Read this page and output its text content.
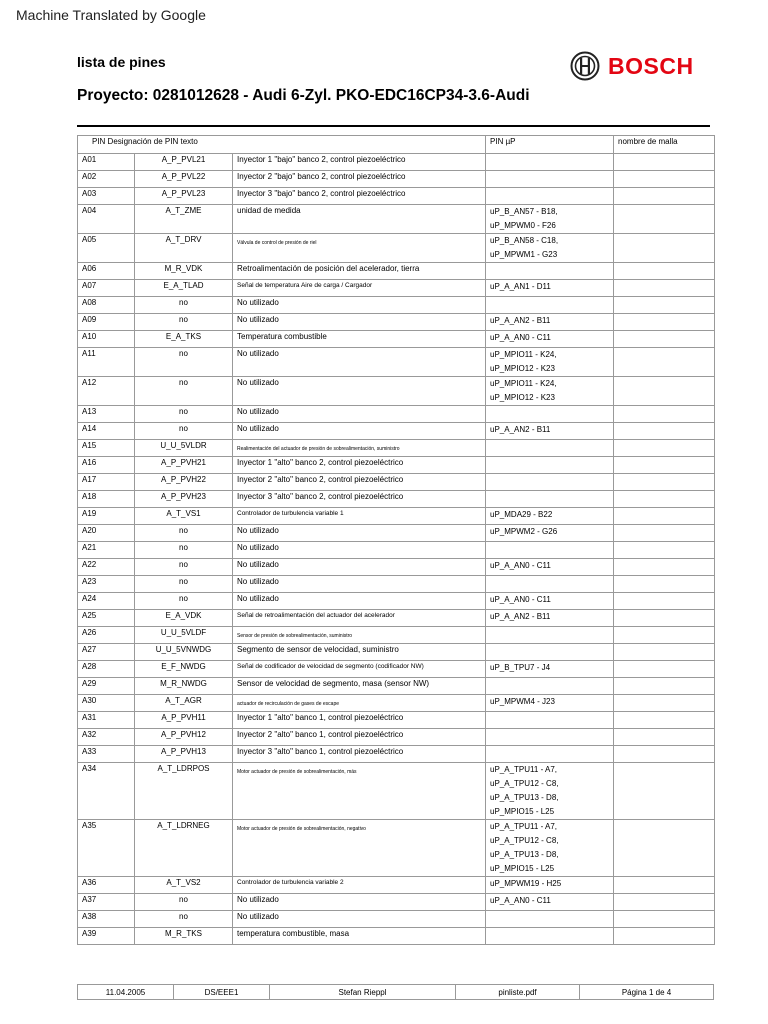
Machine Translated by Google
lista de pines
Proyecto: 0281012628 - Audi 6-Zyl. PKO-EDC16CP34-3.6-Audi
BOSCH
PIN Designación de PIN texto			PIN µP	nombre de malla
A01	A_P_PVL21	Inyector 1 "bajo" banco 2, control piezoeléctrico		
A02	A_P_PVL22	Inyector 2 "bajo" banco 2, control piezoeléctrico		
A03	A_P_PVL23	Inyector 3 "bajo" banco 2, control piezoeléctrico		
A04	A_T_ZME	unidad de medida	uP_B_AN57 - B18,
uP_MPWM0 - F26	

A05	A_T_DRV	Válvula de control de presión de riel	uP_B_AN58 - C18,
uP_MPWM1 - G23	

A06	M_R_VDK	Retroalimentación de posición del acelerador, tierra		
A07	E_A_TLAD	Señal de temperatura Aire de carga / Cargador	uP_A_AN1 - D11	

A08	no	No utilizado		
A09	no	No utilizado	uP_A_AN2 - B11	

A10	E_A_TKS	Temperatura combustible	uP_A_AN0 - C11	

A11	no	No utilizado	uP_MPIO11 - K24,
uP_MPIO12 - K23	

A12	no	No utilizado	uP_MPIO11 - K24,
uP_MPIO12 - K23	

A13	no	No utilizado		
A14	no	No utilizado	uP_A_AN2 - B11	

A15	U_U_5VLDR	Realimentación del actuador de presión de sobrealimentación, suministro		
A16	A_P_PVH21	Inyector 1 "alto" banco 2, control piezoeléctrico		
A17	A_P_PVH22	Inyector 2 "alto" banco 2, control piezoeléctrico		
A18	A_P_PVH23	Inyector 3 "alto" banco 2, control piezoeléctrico		
A19	A_T_VS1	Controlador de turbulencia variable 1	uP_MDA29 - B22	

A20	no	No utilizado	uP_MPWM2 - G26	

A21	no	No utilizado		
A22	no	No utilizado	uP_A_AN0 - C11	

A23	no	No utilizado		
A24	no	No utilizado	uP_A_AN0 - C11	

A25	E_A_VDK	Señal de retroalimentación del actuador del acelerador	uP_A_AN2 - B11	

A26	U_U_5VLDF	Sensor de presión de sobrealimentación, suministro		
A27	U_U_5VNWDG	Segmento de sensor de velocidad, suministro		
A28	E_F_NWDG	Señal de codificador de velocidad de segmento (codificador NW)	uP_B_TPU7 - J4	

A29	M_R_NWDG	Sensor de velocidad de segmento, masa (sensor NW)		
A30	A_T_AGR	actuador de recirculación de gases de escape	uP_MPWM4 - J23	

A31	A_P_PVH11	Inyector 1 "alto" banco 1, control piezoeléctrico		
A32	A_P_PVH12	Inyector 2 "alto" banco 1, control piezoeléctrico		
A33	A_P_PVH13	Inyector 3 "alto" banco 1, control piezoeléctrico		
A34	A_T_LDRPOS	Motor actuador de presión de sobrealimentación, más	uP_A_TPU11 - A7,
uP_A_TPU12 - C8,
uP_A_TPU13 - D8,
uP_MPIO15 - L25	

A35	A_T_LDRNEG	Motor actuador de presión de sobrealimentación, negativo	uP_A_TPU11 - A7,
uP_A_TPU12 - C8,
uP_A_TPU13 - D8,
uP_MPIO15 - L25	

A36	A_T_VS2	Controlador de turbulencia variable 2	uP_MPWM19 - H25	

A37	no	No utilizado	uP_A_AN0 - C11	

A38	no	No utilizado		
A39	M_R_TKS	temperatura combustible, masa		
11.04.2005	DS/EEE1	Stefan Rieppl	pinliste.pdf	Página 1 de 4
